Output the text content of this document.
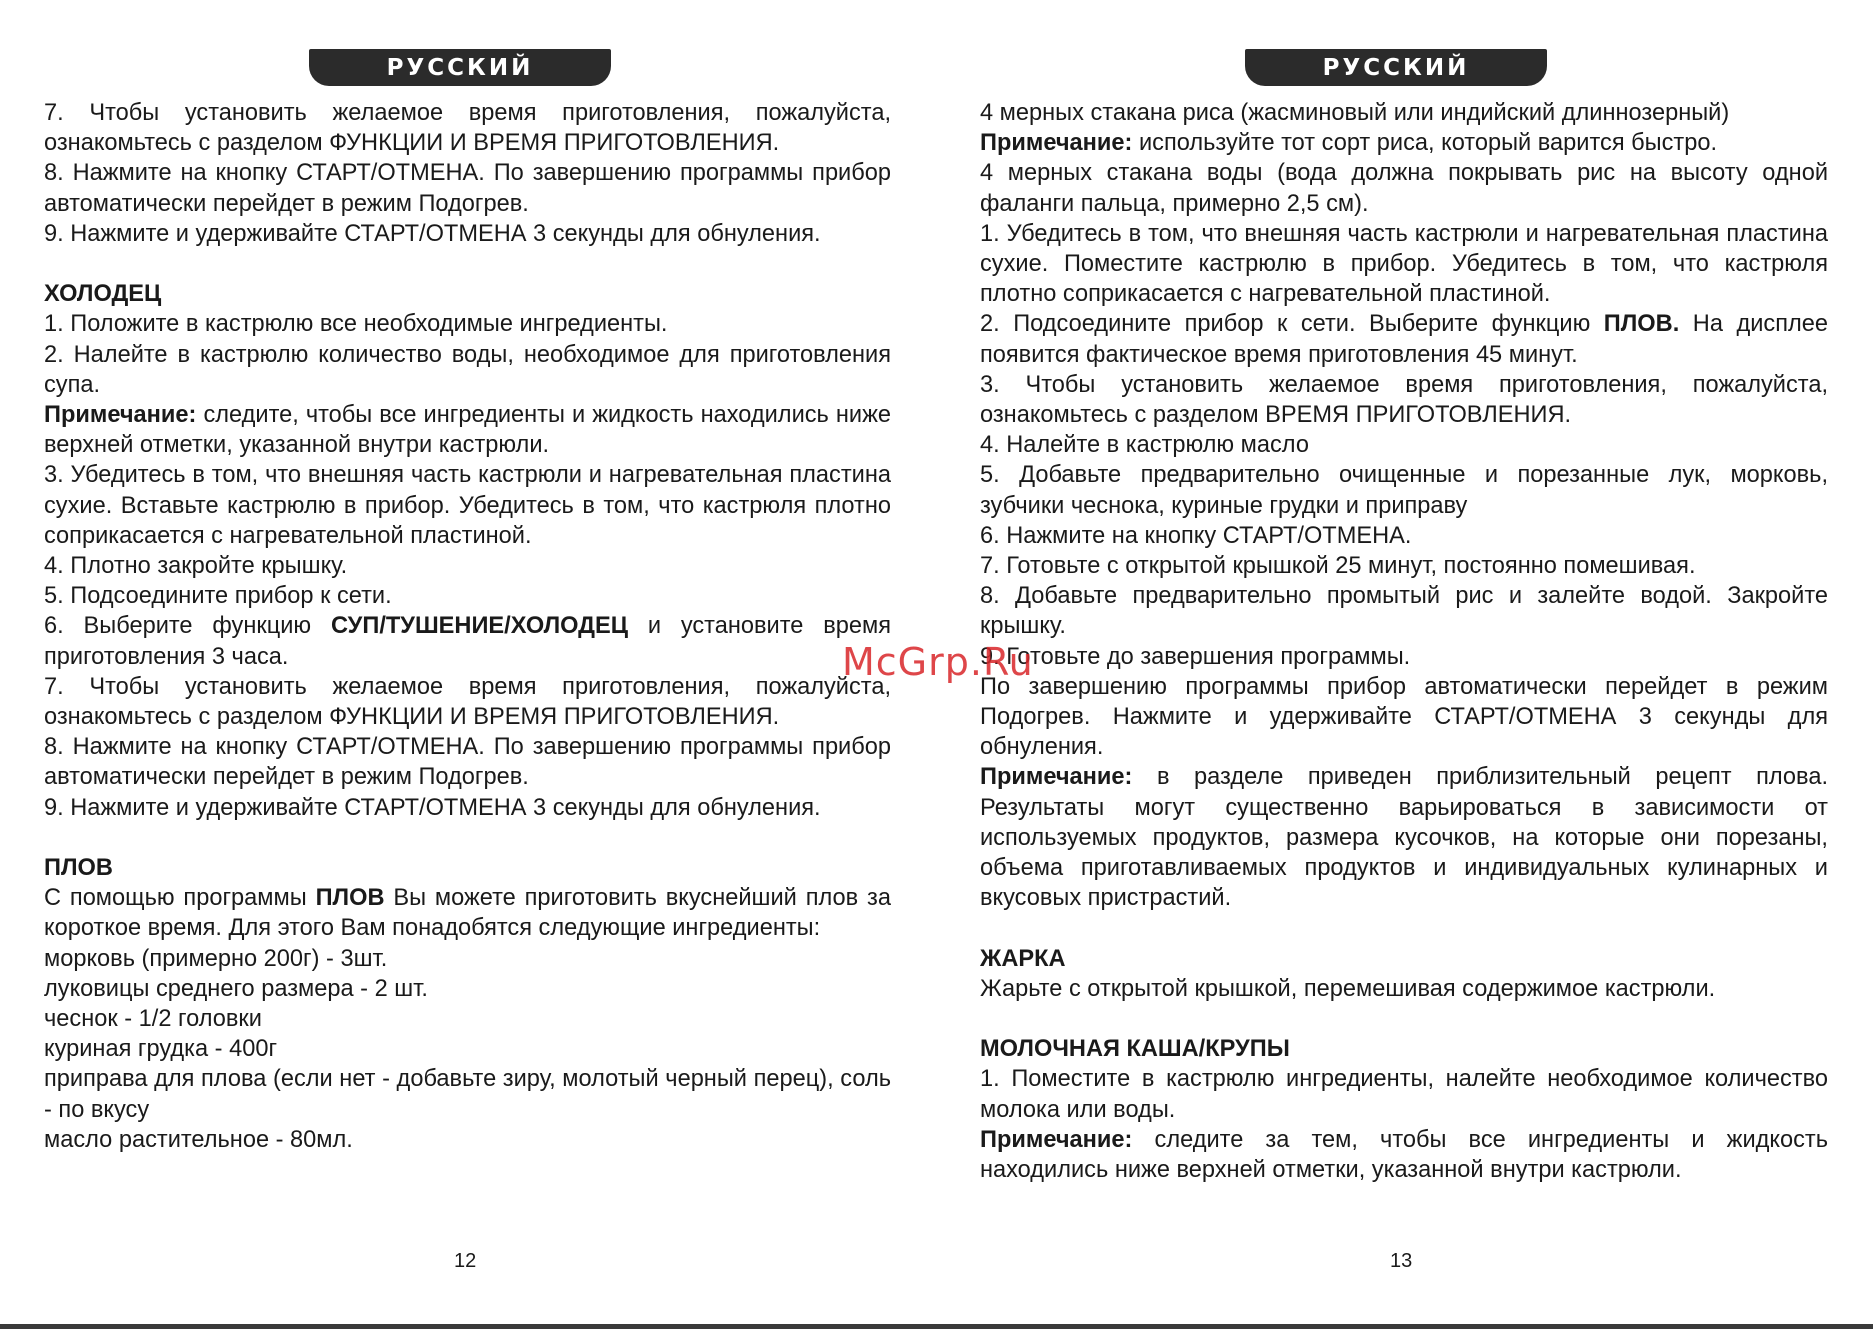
РУССКИЙ

7. Чтобы установить желаемое время приготовления, пожалуйста, ознакомьтесь с разделом ФУНКЦИИ И ВРЕМЯ ПРИГОТОВЛЕНИЯ.

8. Нажмите на кнопку СТАРТ/ОТМЕНА. По завершению программы прибор автоматически перейдет в режим Подогрев.

9. Нажмите и удерживайте СТАРТ/ОТМЕНА 3 секунды для обнуления.

ХОЛОДЕЦ

1. Положите в кастрюлю все необходимые ингредиенты.

2. Налейте в кастрюлю количество воды, необходимое для приготовления супа.

Примечание: следите, чтобы все ингредиенты и жидкость находились ниже верхней отметки, указанной внутри кастрюли.

3. Убедитесь в том, что внешняя часть кастрюли и нагревательная пластина сухие. Вставьте кастрюлю в прибор. Убедитесь в том, что кастрюля плотно соприкасается с нагревательной пластиной.

4. Плотно закройте крышку.

5. Подсоедините прибор к сети.

6. Выберите функцию СУП/ТУШЕНИЕ/ХОЛОДЕЦ и установите время приготовления 3 часа.

7. Чтобы установить желаемое время приготовления, пожалуйста, ознакомьтесь с разделом ФУНКЦИИ И ВРЕМЯ ПРИГОТОВЛЕНИЯ.

8. Нажмите на кнопку СТАРТ/ОТМЕНА. По завершению программы прибор автоматически перейдет в режим Подогрев.

9. Нажмите и удерживайте СТАРТ/ОТМЕНА 3 секунды для обнуления.

ПЛОВ

С помощью программы ПЛОВ Вы можете приготовить вкуснейший плов за короткое время. Для этого Вам понадобятся следующие ингредиенты:

морковь (примерно 200г) - 3шт.

луковицы среднего размера - 2 шт.

чеснок - 1/2 головки

куриная грудка - 400г

приправа для плова (если нет - добавьте зиру, молотый черный перец), соль - по вкусу

масло растительное - 80мл.

12
РУССКИЙ

4 мерных стакана риса (жасминовый или индийский длиннозерный)

Примечание: используйте тот сорт риса, который варится быстро.

4 мерных стакана воды (вода должна покрывать рис на высоту одной фаланги пальца, примерно 2,5 см).

1. Убедитесь в том, что внешняя часть кастрюли и нагревательная пластина сухие. Поместите кастрюлю в прибор. Убедитесь в том, что кастрюля плотно соприкасается с нагревательной пластиной.

2. Подсоедините прибор к сети. Выберите функцию ПЛОВ. На дисплее появится фактическое время приготовления 45 минут.

3. Чтобы установить желаемое время приготовления, пожалуйста, ознакомьтесь с разделом ВРЕМЯ ПРИГОТОВЛЕНИЯ.

4. Налейте в кастрюлю масло

5. Добавьте предварительно очищенные и порезанные лук, морковь, зубчики чеснока, куриные грудки и приправу

6. Нажмите на кнопку СТАРТ/ОТМЕНА.

7. Готовьте с открытой крышкой 25 минут, постоянно помешивая.

8. Добавьте предварительно промытый рис и залейте водой. Закройте крышку.

9. Готовьте до завершения программы.

По завершению программы прибор автоматически перейдет в режим Подогрев. Нажмите и удерживайте СТАРТ/ОТМЕНА 3 секунды для обнуления.

Примечание: в разделе приведен приблизительный рецепт плова. Результаты могут существенно варьироваться в зависимости от используемых продуктов, размера кусочков, на которые они порезаны, объема приготавливаемых продуктов и индивидуальных кулинарных и вкусовых пристрастий.

ЖАРКА

Жарьте с открытой крышкой, перемешивая содержимое кастрюли.

МОЛОЧНАЯ КАША/КРУПЫ

1. Поместите в кастрюлю ингредиенты, налейте необходимое количество молока или воды.

Примечание: следите за тем, чтобы все ингредиенты и жидкость находились ниже верхней отметки, указанной внутри кастрюли.

13
McGrp.Ru
